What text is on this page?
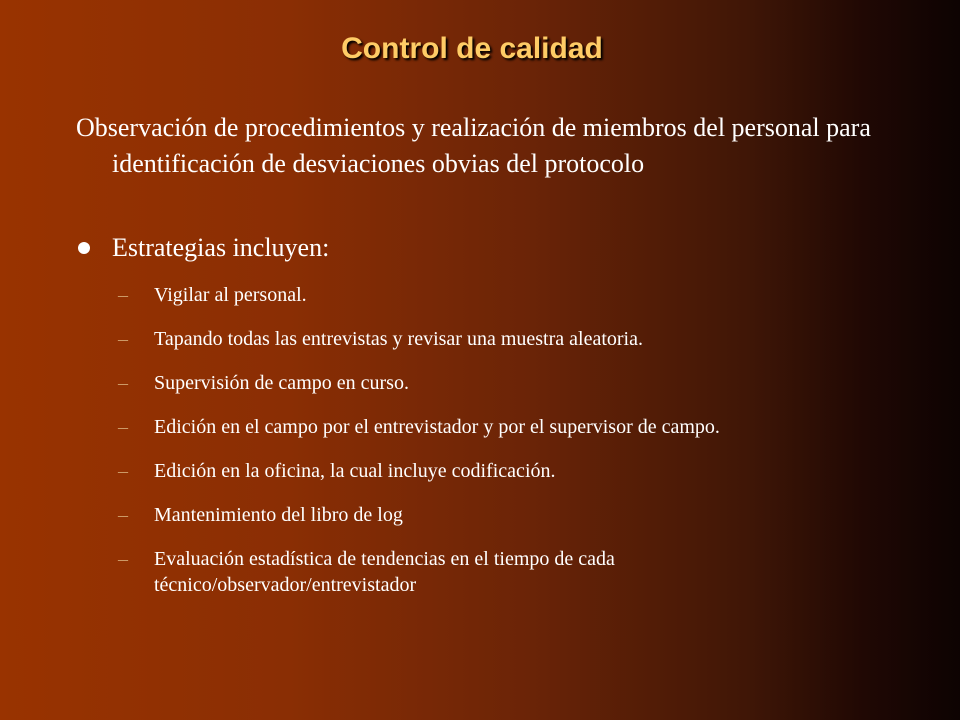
Control de calidad
Observación de procedimientos y realización de miembros del personal para identificación de desviaciones obvias del protocolo
Estrategias incluyen:
– Vigilar al personal.
– Tapando todas las entrevistas y revisar una muestra aleatoria.
– Supervisión de campo en curso.
– Edición en el campo por el entrevistador y por el supervisor de campo.
– Edición en la oficina, la cual incluye codificación.
– Mantenimiento del libro de log
– Evaluación estadística de tendencias en el tiempo de cada técnico/observador/entrevistador
